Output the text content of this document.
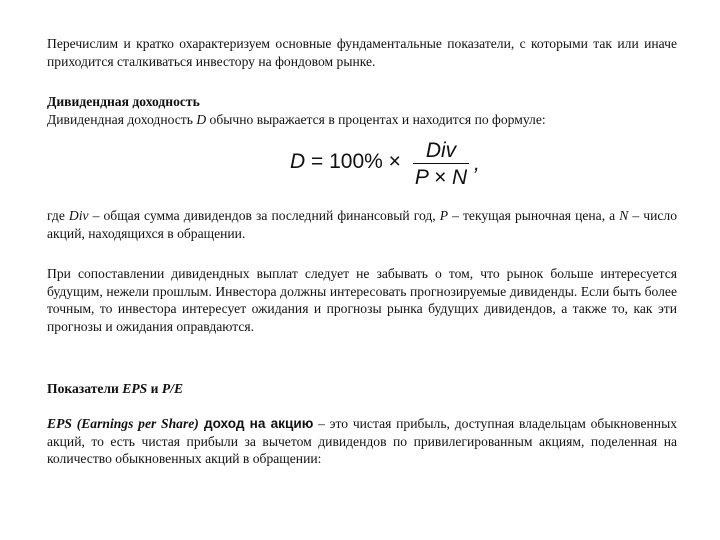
Перечислим и кратко охарактеризуем основные фундаментальные показатели, с которыми так или иначе приходится сталкиваться инвестору на фондовом рынке.

Дивидендная доходность
Дивидендная доходность D обычно выражается в процентах и находится по формуле:

D = 100% ×	Div
P × N
,

где Div – общая сумма дивидендов за последний финансовый год, P – текущая рыночная цена, а N – число акций, находящихся в обращении.

При сопоставлении дивидендных выплат следует не забывать о том, что рынок больше интересуется будущим, нежели прошлым. Инвестора должны интересовать прогнозируемые дивиденды. Если быть более точным, то инвестора интересует ожидания и прогнозы рынка будущих дивидендов, а также то, как эти прогнозы и ожидания оправдаются.

Показатели EPS и P/E

EPS (Earnings per Share) доход на акцию – это чистая прибыль, доступная владельцам обыкновенных акций, то есть чистая прибыли за вычетом дивидендов по привилегированным акциям, поделенная на количество обыкновенных акций в обращении:
